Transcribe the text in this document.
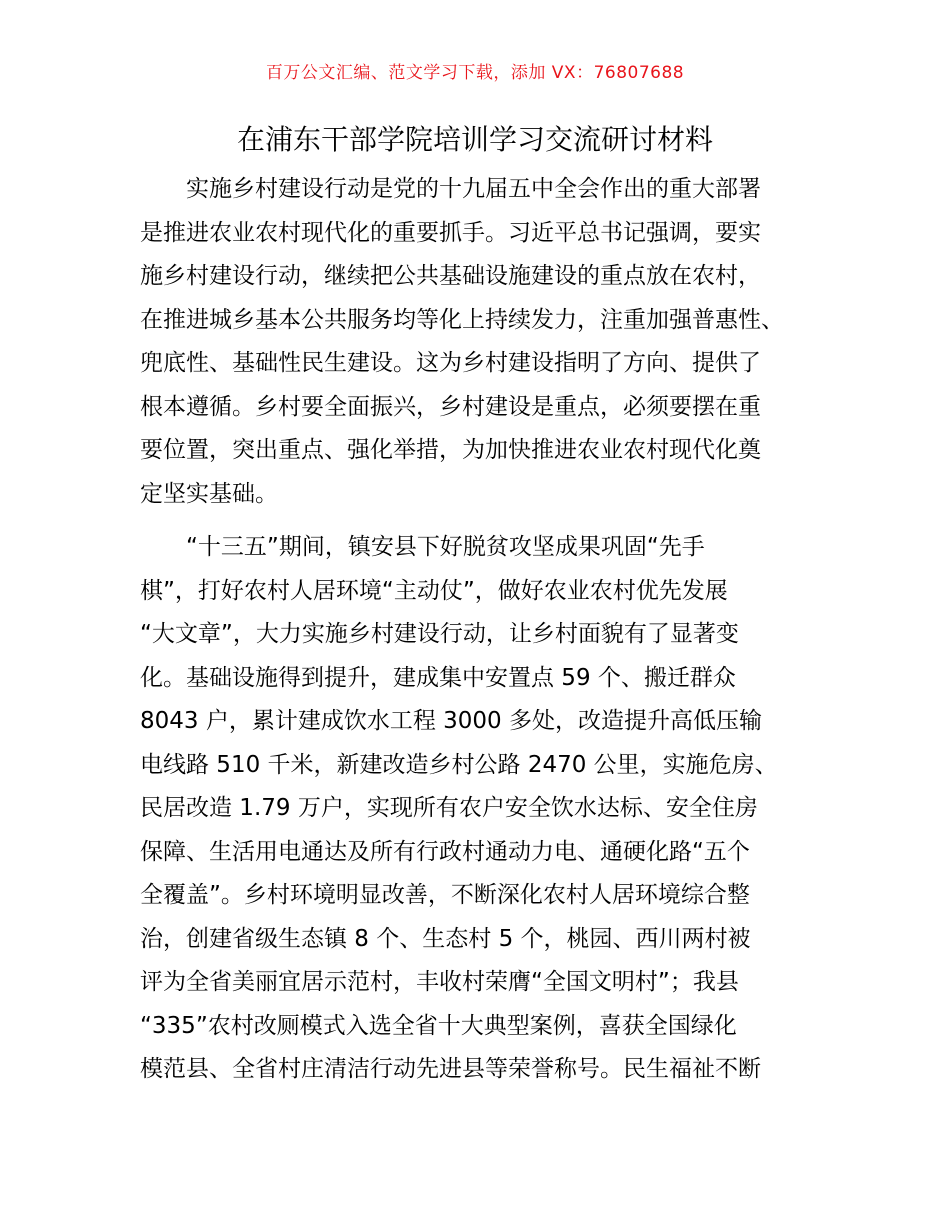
百万公文汇编、范文学习下载，添加 VX：76807688
在浦东干部学院培训学习交流研讨材料
　　实施乡村建设行动是党的十九届五中全会作出的重大部署
是推进农业农村现代化的重要抓手。习近平总书记强调，要实
施乡村建设行动，继续把公共基础设施建设的重点放在农村，
在推进城乡基本公共服务均等化上持续发力，注重加强普惠性、
兜底性、基础性民生建设。这为乡村建设指明了方向、提供了
根本遵循。乡村要全面振兴，乡村建设是重点，必须要摆在重
要位置，突出重点、强化举措，为加快推进农业农村现代化奠
定坚实基础。
　　“十三五”期间，镇安县下好脱贫攻坚成果巩固“先手
棋”，打好农村人居环境“主动仗”，做好农业农村优先发展
“大文章”，大力实施乡村建设行动，让乡村面貌有了显著变
化。基础设施得到提升，建成集中安置点 59 个、搬迁群众
8043 户，累计建成饮水工程 3000 多处，改造提升高低压输
电线路 510 千米，新建改造乡村公路 2470 公里，实施危房、
民居改造 1.79 万户，实现所有农户安全饮水达标、安全住房
保障、生活用电通达及所有行政村通动力电、通硬化路“五个
全覆盖”。乡村环境明显改善，不断深化农村人居环境综合整
治，创建省级生态镇 8 个、生态村 5 个，桃园、西川两村被
评为全省美丽宜居示范村，丰收村荣膺“全国文明村”；我县
“335”农村改厕模式入选全省十大典型案例，喜获全国绿化
模范县、全省村庄清洁行动先进县等荣誉称号。民生福祉不断
